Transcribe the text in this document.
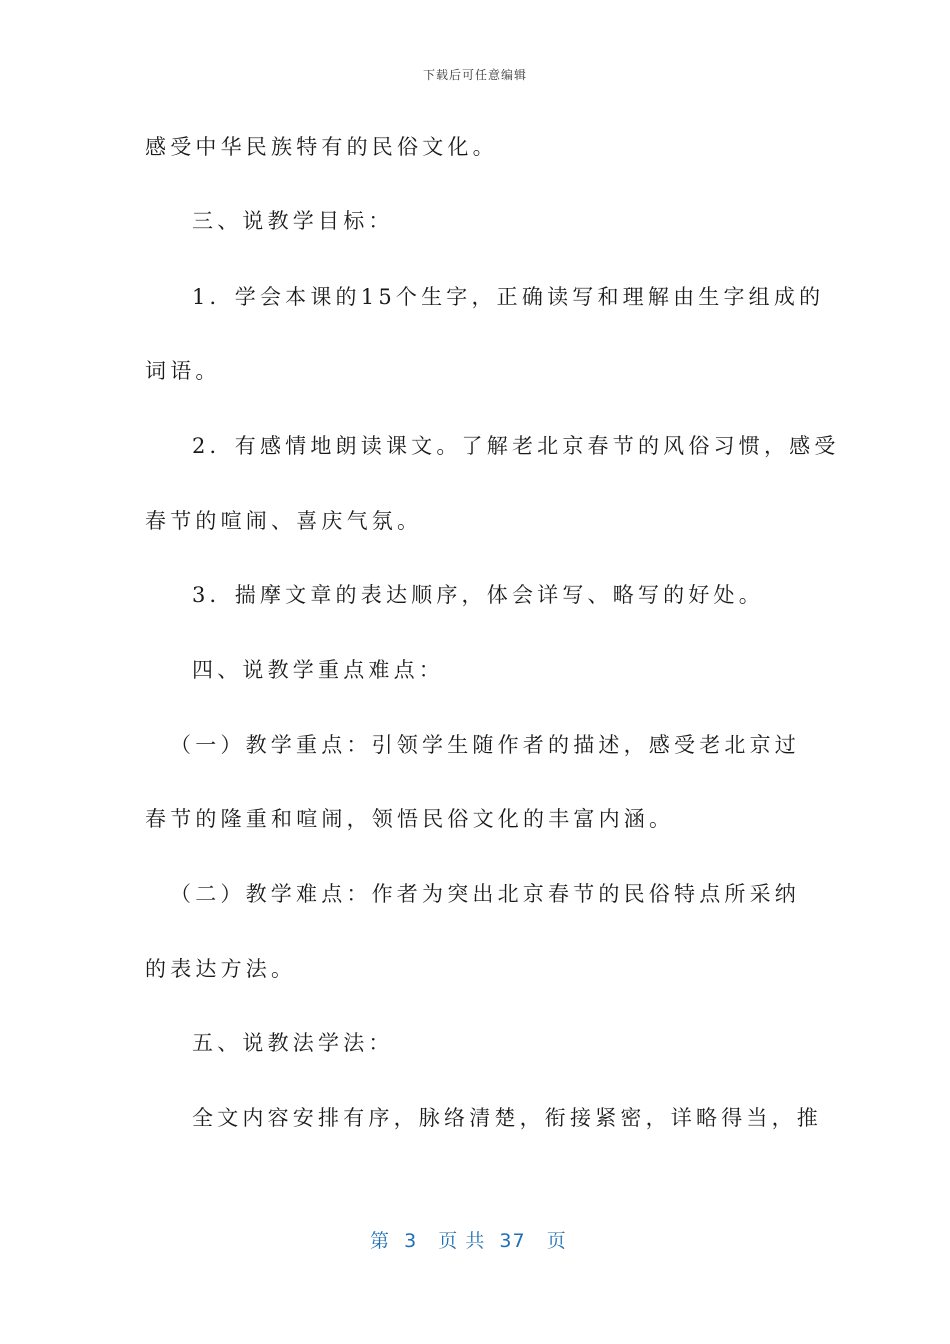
下载后可任意编辑
感受中华民族特有的民俗文化。
三、说教学目标：
1．学会本课的15个生字，正确读写和理解由生字组成的
词语。
2．有感情地朗读课文。了解老北京春节的风俗习惯，感受
春节的喧闹、喜庆气氛。
3．揣摩文章的表达顺序，体会详写、略写的好处。
四、说教学重点难点：
（一）教学重点：引领学生随作者的描述，感受老北京过
春节的隆重和喧闹，领悟民俗文化的丰富内涵。
（二）教学难点：作者为突出北京春节的民俗特点所采纳
的表达方法。
五、说教法学法：
全文内容安排有序，脉络清楚，衔接紧密，详略得当，推
第  3   页 共  37   页
